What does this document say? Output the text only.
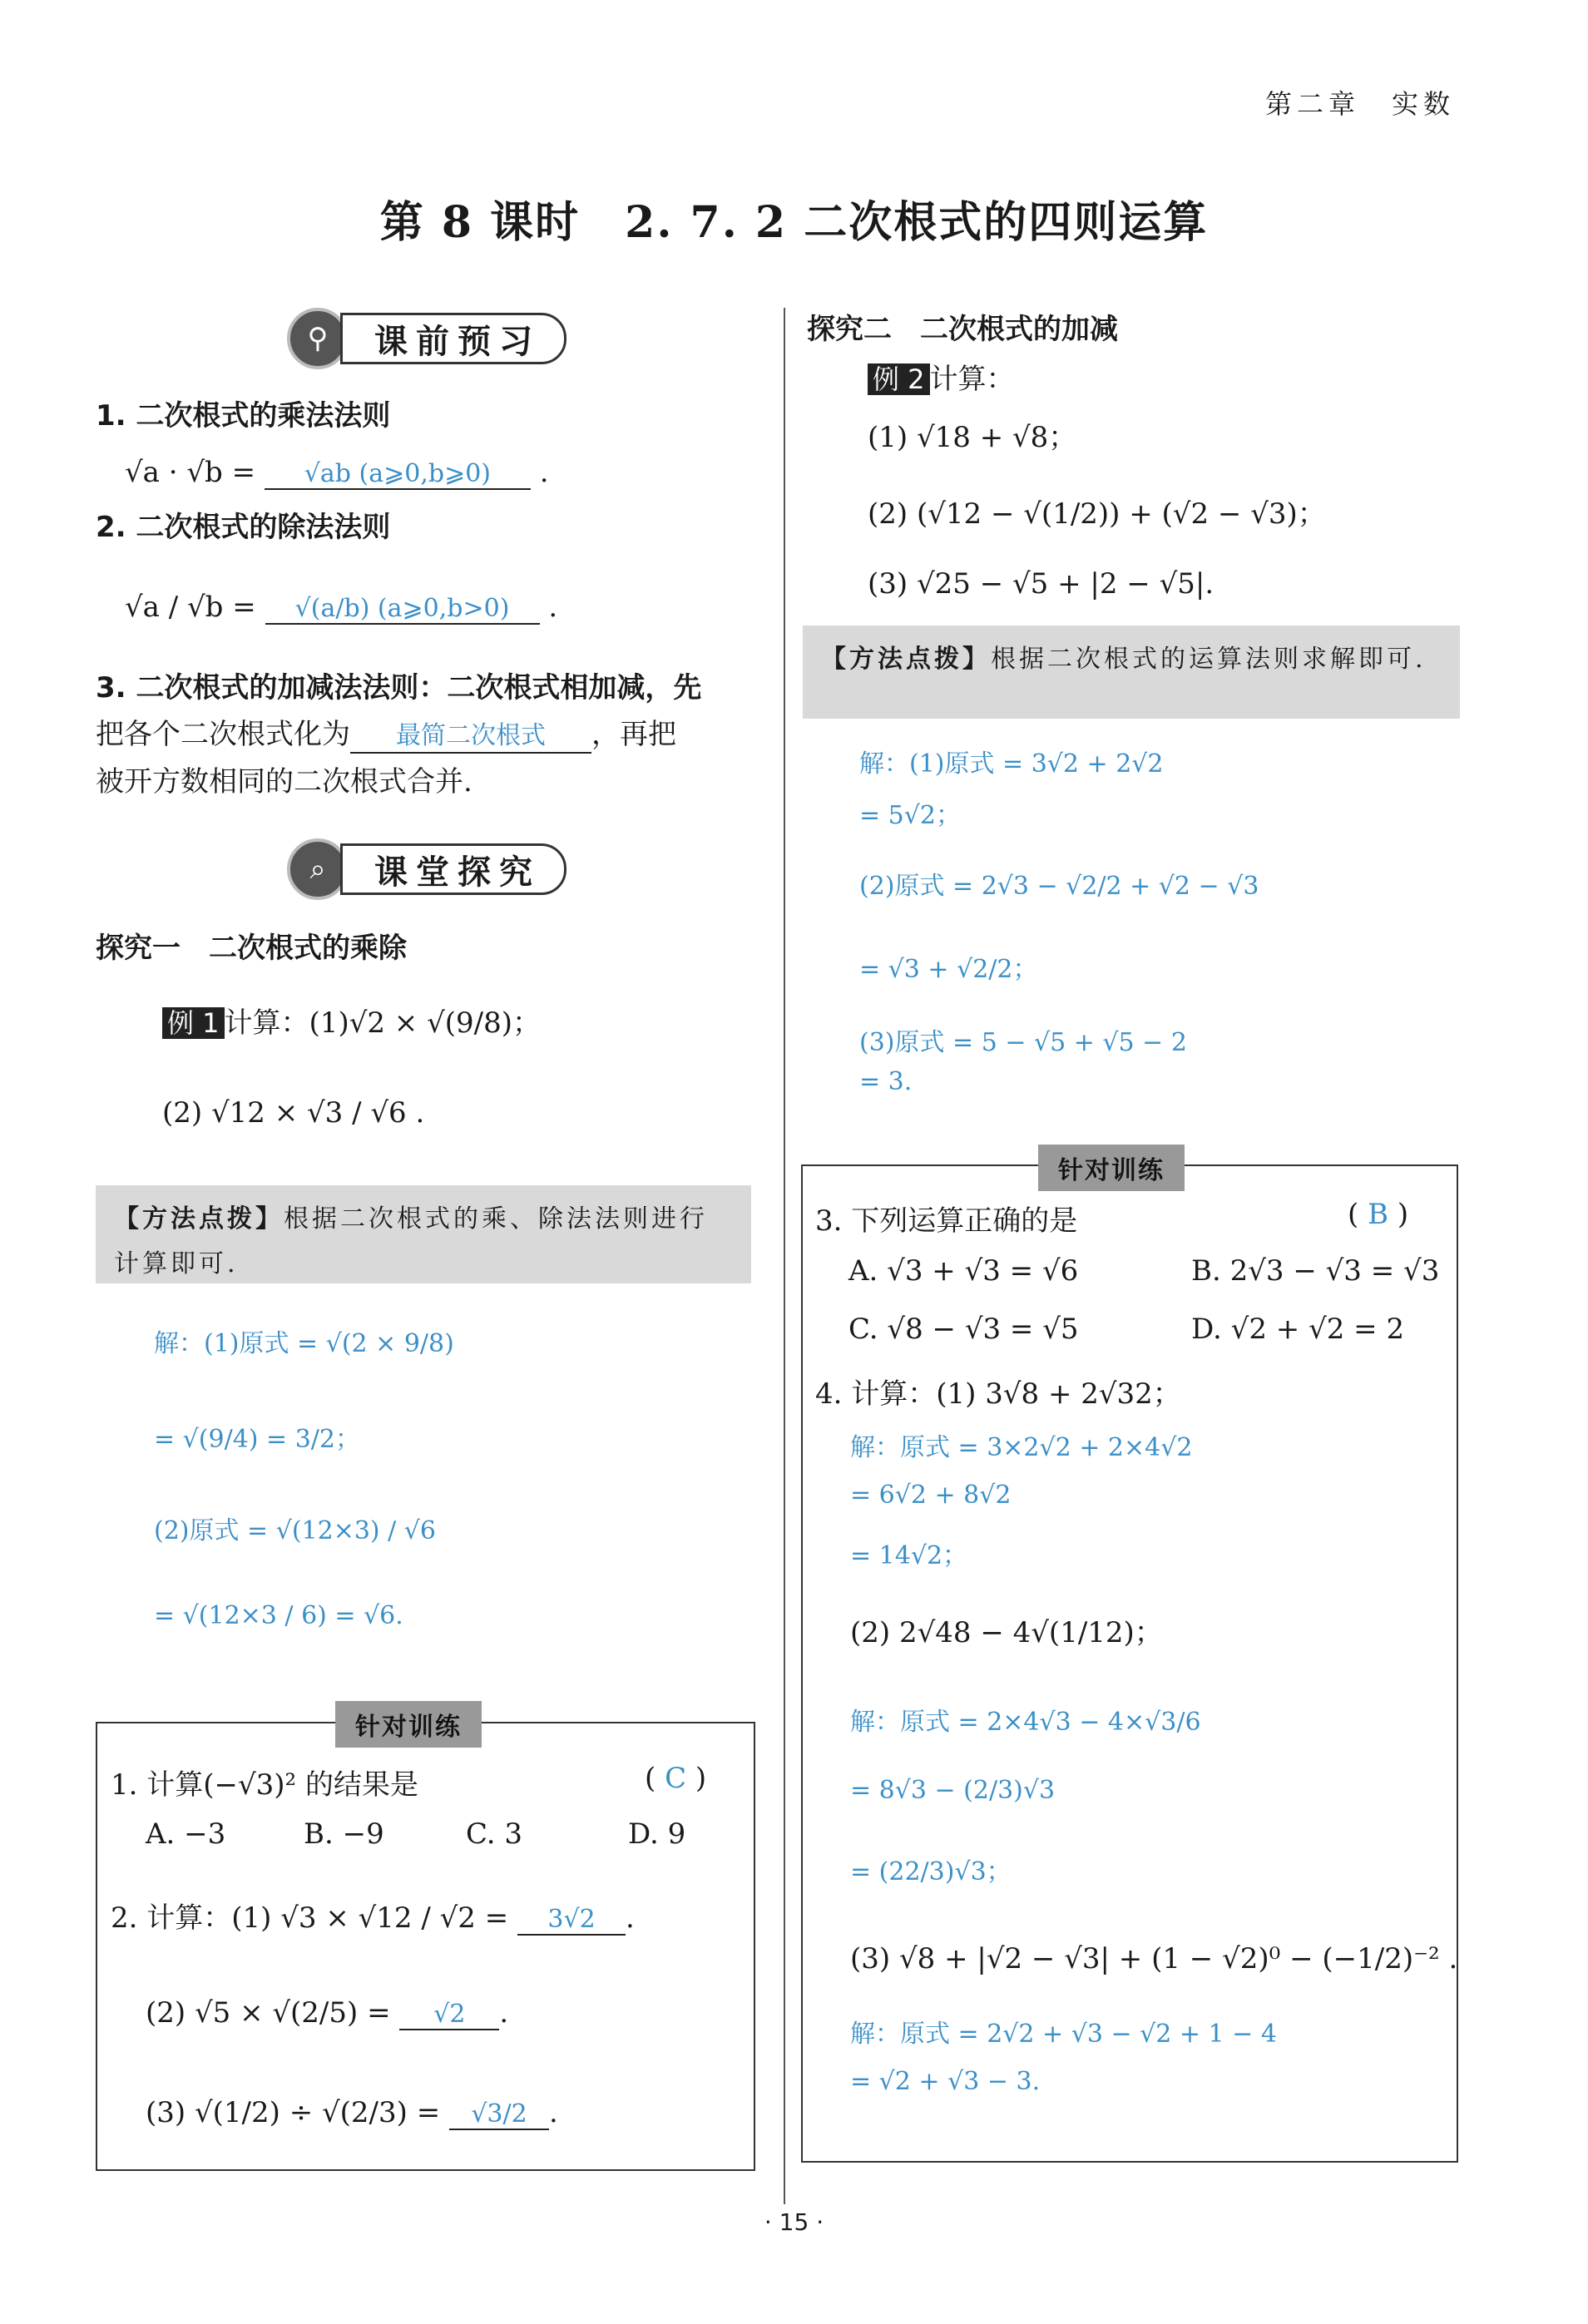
第二章　实数
第 8 课时　2. 7. 2 二次根式的四则运算
⚲	课前预习
1. 二次根式的乘法法则
√a · √b = √ab (a⩾0,b⩾0) .
2. 二次根式的除法法则
√a / √b = √(a/b) (a⩾0,b>0) .
3. 二次根式的加减法法则：二次根式相加减，先
把各个二次根式化为 最简二次根式 ，再把
被开方数相同的二次根式合并.
⌕	课堂探究
探究一　二次根式的乘除
例 1 计算：(1)√2 × √(9/8)；
(2) √12 × √3 / √6 .
【方法点拨】根据二次根式的乘、除法法则进行计算即可.
解：(1)原式 = √(2 × 9/8)
= √(9/4) = 3/2；
(2)原式 = √(12×3) / √6
= √(12×3 / 6) = √6.
针对训练
1. 计算(−√3)² 的结果是	( C )
A. −3	B. −9	C. 3	D. 9
2. 计算：(1) √3 × √12 / √2 = 3√2 .
(2) √5 × √(2/5) = √2 .
(3) √(1/2) ÷ √(2/3) = √3/2 .
探究二　二次根式的加减
例 2 计算：
(1) √18 + √8；
(2) (√12 − √(1/2)) + (√2 − √3)；
(3) √25 − √5 + |2 − √5|.
【方法点拨】根据二次根式的运算法则求解即可.
解：(1)原式 = 3√2 + 2√2
= 5√2；
(2)原式 = 2√3 − √2/2 + √2 − √3
= √3 + √2/2；
(3)原式 = 5 − √5 + √5 − 2
= 3.
针对训练
3. 下列运算正确的是	( B )
A. √3 + √3 = √6	B. 2√3 − √3 = √3
C. √8 − √3 = √5	D. √2 + √2 = 2
4. 计算：(1) 3√8 + 2√32；
解：原式 = 3×2√2 + 2×4√2
= 6√2 + 8√2
= 14√2；
(2) 2√48 − 4√(1/12)；
解：原式 = 2×4√3 − 4×√3/6
= 8√3 − (2/3)√3
= (22/3)√3；
(3) √8 + |√2 − √3| + (1 − √2)⁰ − (−1/2)⁻² .
解：原式 = 2√2 + √3 − √2 + 1 − 4
= √2 + √3 − 3.
· 15 ·
